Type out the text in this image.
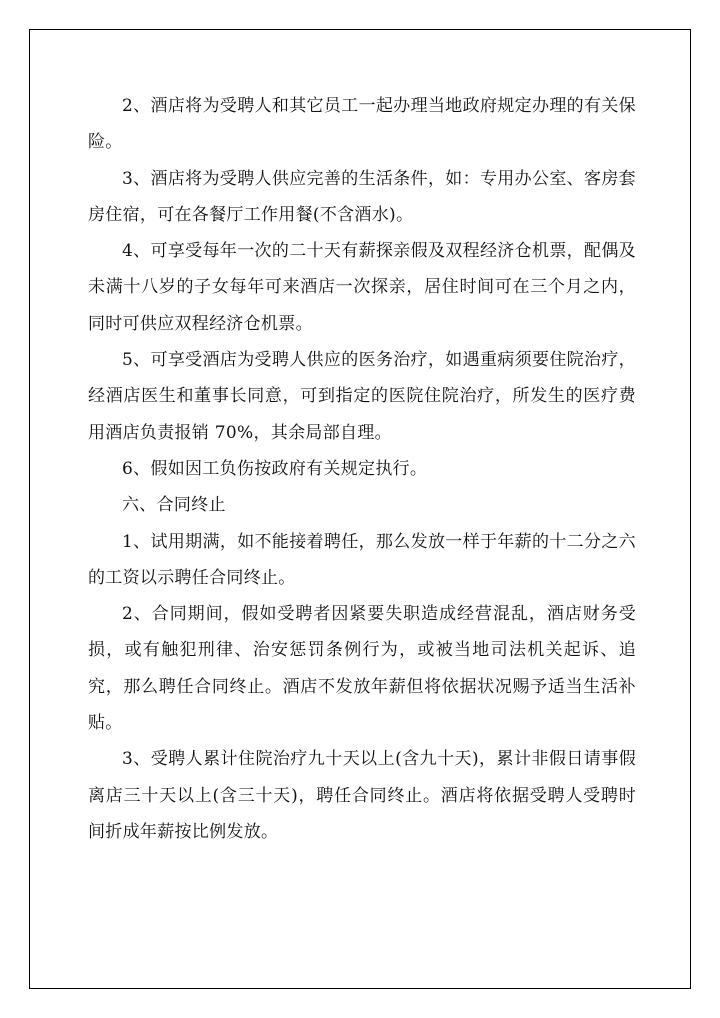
2、酒店将为受聘人和其它员工一起办理当地政府规定办理的有关保险。

3、酒店将为受聘人供应完善的生活条件，如：专用办公室、客房套房住宿，可在各餐厅工作用餐(不含酒水)。

4、可享受每年一次的二十天有薪探亲假及双程经济仓机票，配偶及未满十八岁的子女每年可来酒店一次探亲，居住时间可在三个月之内，同时可供应双程经济仓机票。

5、可享受酒店为受聘人供应的医务治疗，如遇重病须要住院治疗，经酒店医生和董事长同意，可到指定的医院住院治疗，所发生的医疗费用酒店负责报销 70%，其余局部自理。

6、假如因工负伤按政府有关规定执行。

六、合同终止

1、试用期满，如不能接着聘任，那么发放一样于年薪的十二分之六的工资以示聘任合同终止。

2、合同期间，假如受聘者因紧要失职造成经营混乱，酒店财务受损，或有触犯刑律、治安惩罚条例行为，或被当地司法机关起诉、追究，那么聘任合同终止。酒店不发放年薪但将依据状况赐予适当生活补贴。

3、受聘人累计住院治疗九十天以上(含九十天)，累计非假日请事假离店三十天以上(含三十天)，聘任合同终止。酒店将依据受聘人受聘时间折成年薪按比例发放。
